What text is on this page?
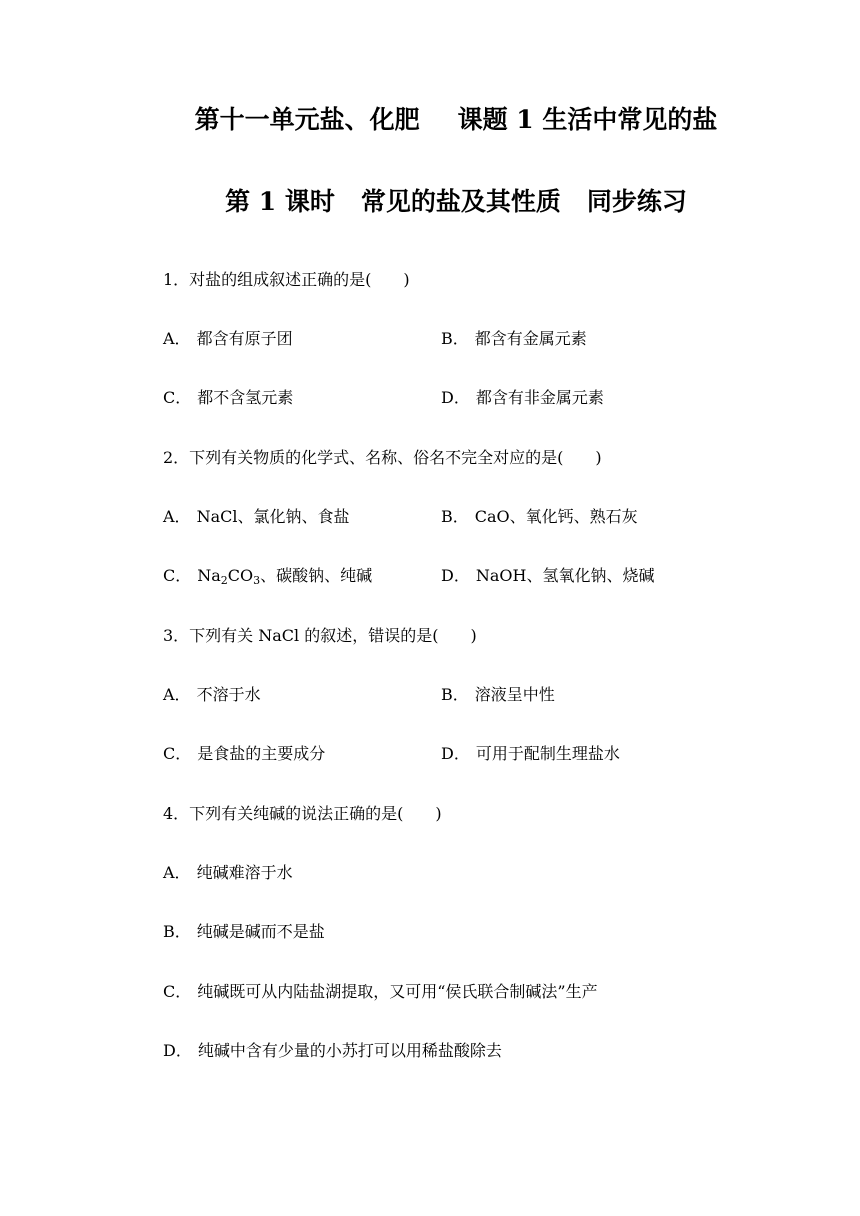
第十一单元盐、化肥 课题 1 生活中常见的盐
第 1 课时 常见的盐及其性质 同步练习
1．对盐的组成叙述正确的是(　　)
A． 都含有原子团	B． 都含有金属元素
C． 都不含氢元素	D． 都含有非金属元素
2．下列有关物质的化学式、名称、俗名不完全对应的是(　　)
A． NaCl、氯化钠、食盐	B． CaO、氧化钙、熟石灰
C． $Na_2CO_3$、碳酸钠、纯碱	D． NaOH、氢氧化钠、烧碱
3．下列有关 NaCl 的叙述，错误的是(　　)
A． 不溶于水	B． 溶液呈中性
C． 是食盐的主要成分	D． 可用于配制生理盐水
4．下列有关纯碱的说法正确的是(　　)
A． 纯碱难溶于水
B． 纯碱是碱而不是盐
C． 纯碱既可从内陆盐湖提取，又可用“侯氏联合制碱法”生产
D． 纯碱中含有少量的小苏打可以用稀盐酸除去
